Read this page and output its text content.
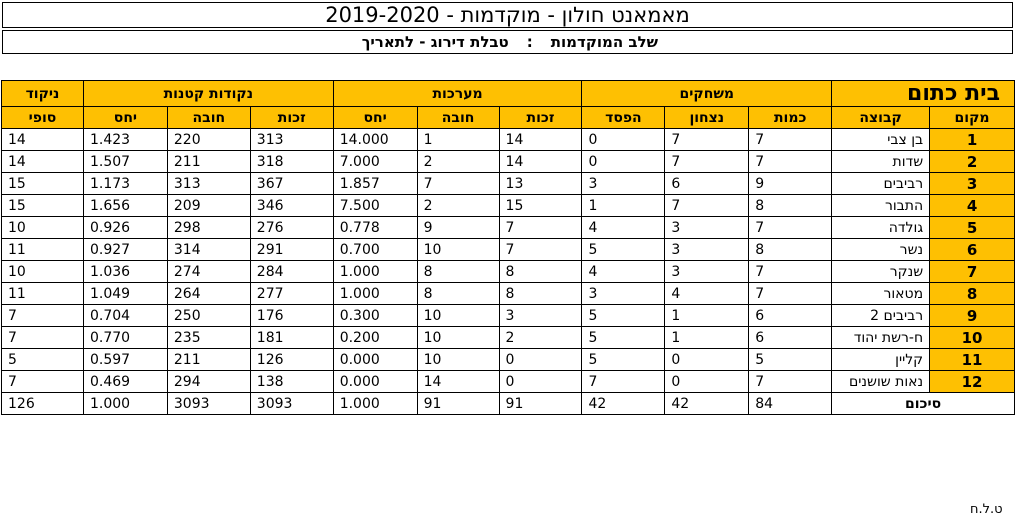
מאמאנט חולון - מוקדמות - 2019-2020
שלב המוקדמות:טבלת דירוג - לתאריך
בית כתום		משחקים			מערכות			נקודות קטנות			ניקוד
מקום	קבוצה	כמות	נצחון	הפסד	זכות	חובה	יחס	זכות	חובה	יחס	סופי
1	בן צבי	7	7	0	14	1	14.000	313	220	1.423	14
2	שדות	7	7	0	14	2	7.000	318	211	1.507	14
3	רביבים	9	6	3	13	7	1.857	367	313	1.173	15
4	התבור	8	7	1	15	2	7.500	346	209	1.656	15
5	גולדה	7	3	4	7	9	0.778	276	298	0.926	10
6	נשר	8	3	5	7	10	0.700	291	314	0.927	11
7	שנקר	7	3	4	8	8	1.000	284	274	1.036	10
8	מטאור	7	4	3	8	8	1.000	277	264	1.049	11
9	רביבים 2	6	1	5	3	10	0.300	176	250	0.704	7
10	ח-רשת יהוד	6	1	5	2	10	0.200	181	235	0.770	7
11	קליין	5	0	5	0	10	0.000	126	211	0.597	5
12	נאות שושנים	7	0	7	0	14	0.000	138	294	0.469	7
סיכום		84	42	42	91	91	1.000	3093	3093	1.000	126
ט.ל.ח
